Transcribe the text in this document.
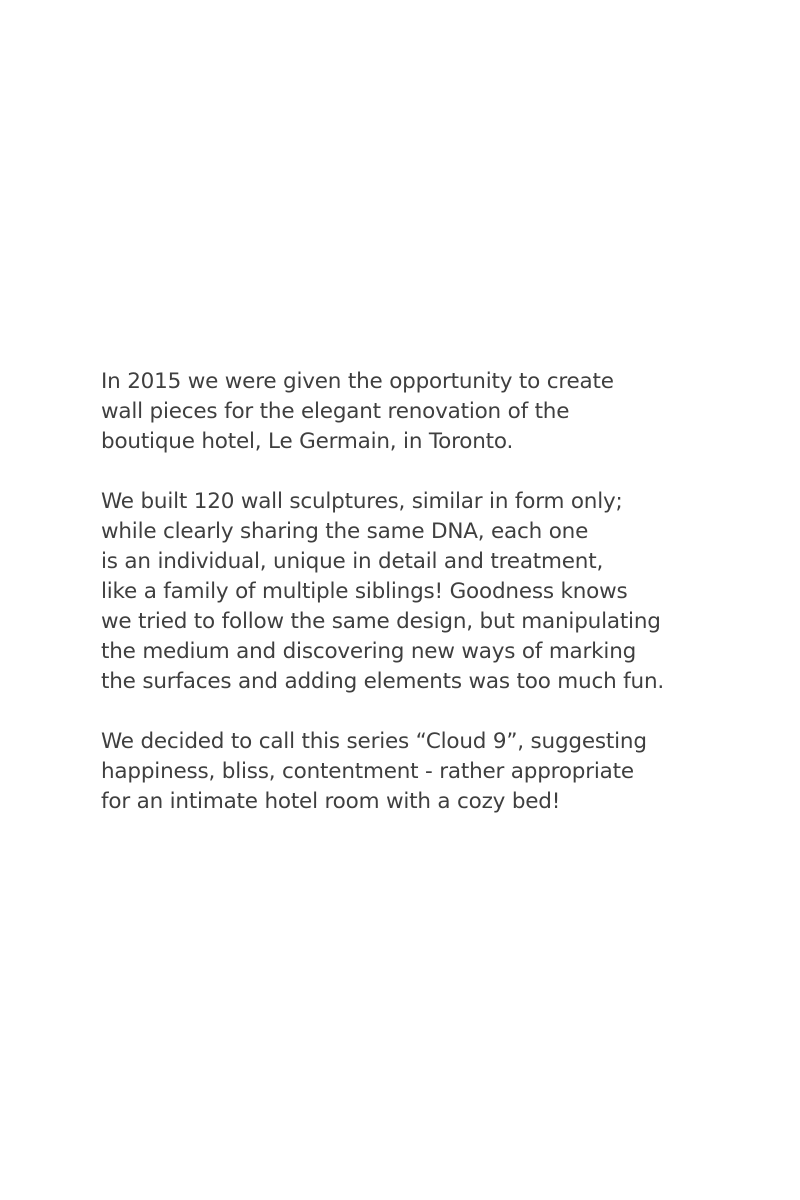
In 2015 we were given the opportunity to create
wall pieces for the elegant renovation of the
boutique hotel, Le Germain, in Toronto.

We built 120 wall sculptures, similar in form only;
while clearly sharing the same DNA, each one
is an individual, unique in detail and treatment,
like a family of multiple siblings! Goodness knows
we tried to follow the same design, but manipulating
the medium and discovering new ways of marking
the surfaces and adding elements was too much fun.

We decided to call this series “Cloud 9”, suggesting
happiness, bliss, contentment - rather appropriate
for an intimate hotel room with a cozy bed!
